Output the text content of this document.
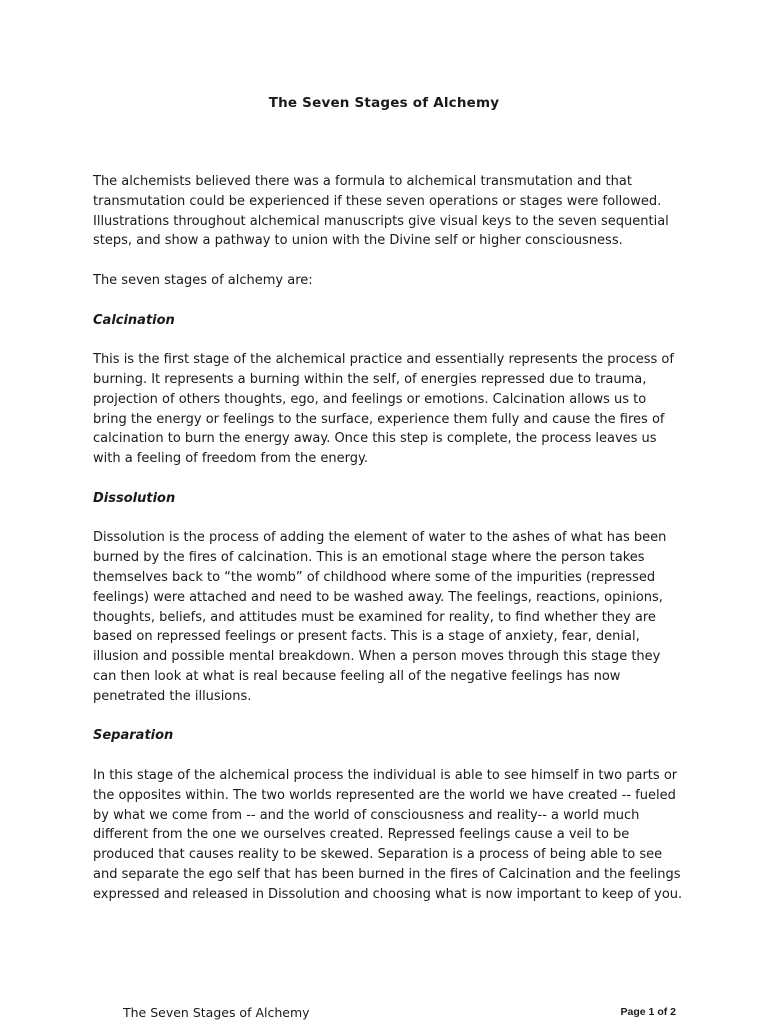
The Seven Stages of Alchemy

The alchemists believed there was a formula to alchemical transmutation and that transmutation could be experienced if these seven operations or stages were followed. Illustrations throughout alchemical manuscripts give visual keys to the seven sequential steps, and show a pathway to union with the Divine self or higher consciousness.

The seven stages of alchemy are:

Calcination

This is the first stage of the alchemical practice and essentially represents the process of burning. It represents a burning within the self, of energies repressed due to trauma, projection of others thoughts, ego, and feelings or emotions. Calcination allows us to bring the energy or feelings to the surface, experience them fully and cause the fires of calcination to burn the energy away. Once this step is complete, the process leaves us with a feeling of freedom from the energy.

Dissolution

Dissolution is the process of adding the element of water to the ashes of what has been burned by the fires of calcination. This is an emotional stage where the person takes themselves back to “the womb” of childhood where some of the impurities (repressed feelings) were attached and need to be washed away. The feelings, reactions, opinions, thoughts, beliefs, and attitudes must be examined for reality, to find whether they are based on repressed feelings or present facts. This is a stage of anxiety, fear, denial, illusion and possible mental breakdown. When a person moves through this stage they can then look at what is real because feeling all of the negative feelings has now penetrated the illusions.

Separation

In this stage of the alchemical process the individual is able to see himself in two parts or the opposites within. The two worlds represented are the world we have created -- fueled by what we come from -- and the world of consciousness and reality-- a world much different from the one we ourselves created. Repressed feelings cause a veil to be produced that causes reality to be skewed. Separation is a process of being able to see and separate the ego self that has been burned in the fires of Calcination and the feelings expressed and released in Dissolution and choosing what is now important to keep of you.

The Seven Stages of Alchemy	Page 1 of 2
